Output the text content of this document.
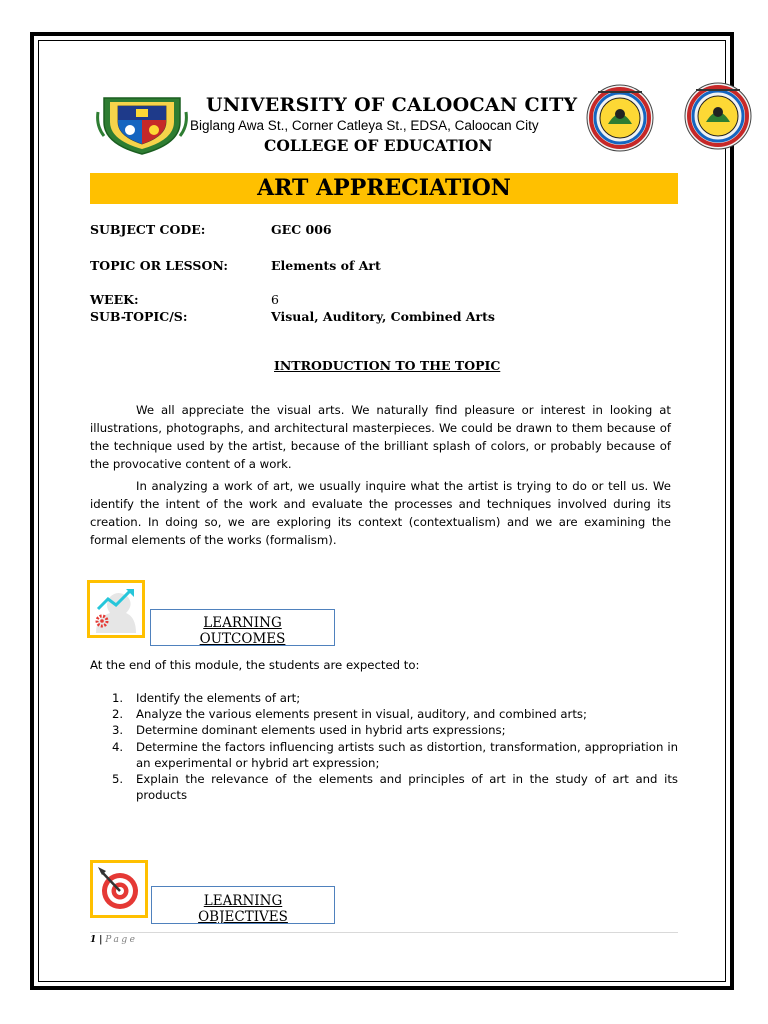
UNIVERSITY OF CALOOCAN CITY
Biglang Awa St., Corner Catleya St., EDSA, Caloocan City
COLLEGE OF EDUCATION
ART APPRECIATION
SUBJECT CODE:	GEC 006
TOPIC OR LESSON:	Elements of Art
WEEK:	6
SUB-TOPIC/S:	Visual, Auditory, Combined Arts
INTRODUCTION TO THE TOPIC

We all appreciate the visual arts. We naturally find pleasure or interest in looking at illustrations, photographs, and architectural masterpieces. We could be drawn to them because of the technique used by the artist, because of the brilliant splash of colors, or probably because of the provocative content of a work.

In analyzing a work of art, we usually inquire what the artist is trying to do or tell us. We identify the intent of the work and evaluate the processes and techniques involved during its creation. In doing so, we are exploring its context (contextualism) and we are examining the formal elements of the works (formalism).

LEARNING
OUTCOMES
At the end of this module, the students are expected to:
1.	Identify the elements of art;
2.	Analyze the various elements present in visual, auditory, and combined arts;
3.	Determine dominant elements used in hybrid arts expressions;
4.	Determine the factors influencing artists such as distortion, transformation, appropriation in an experimental or hybrid art expression;
5.	Explain the relevance of the elements and principles of art in the study of art and its products
LEARNING
OBJECTIVES
1 | Page
